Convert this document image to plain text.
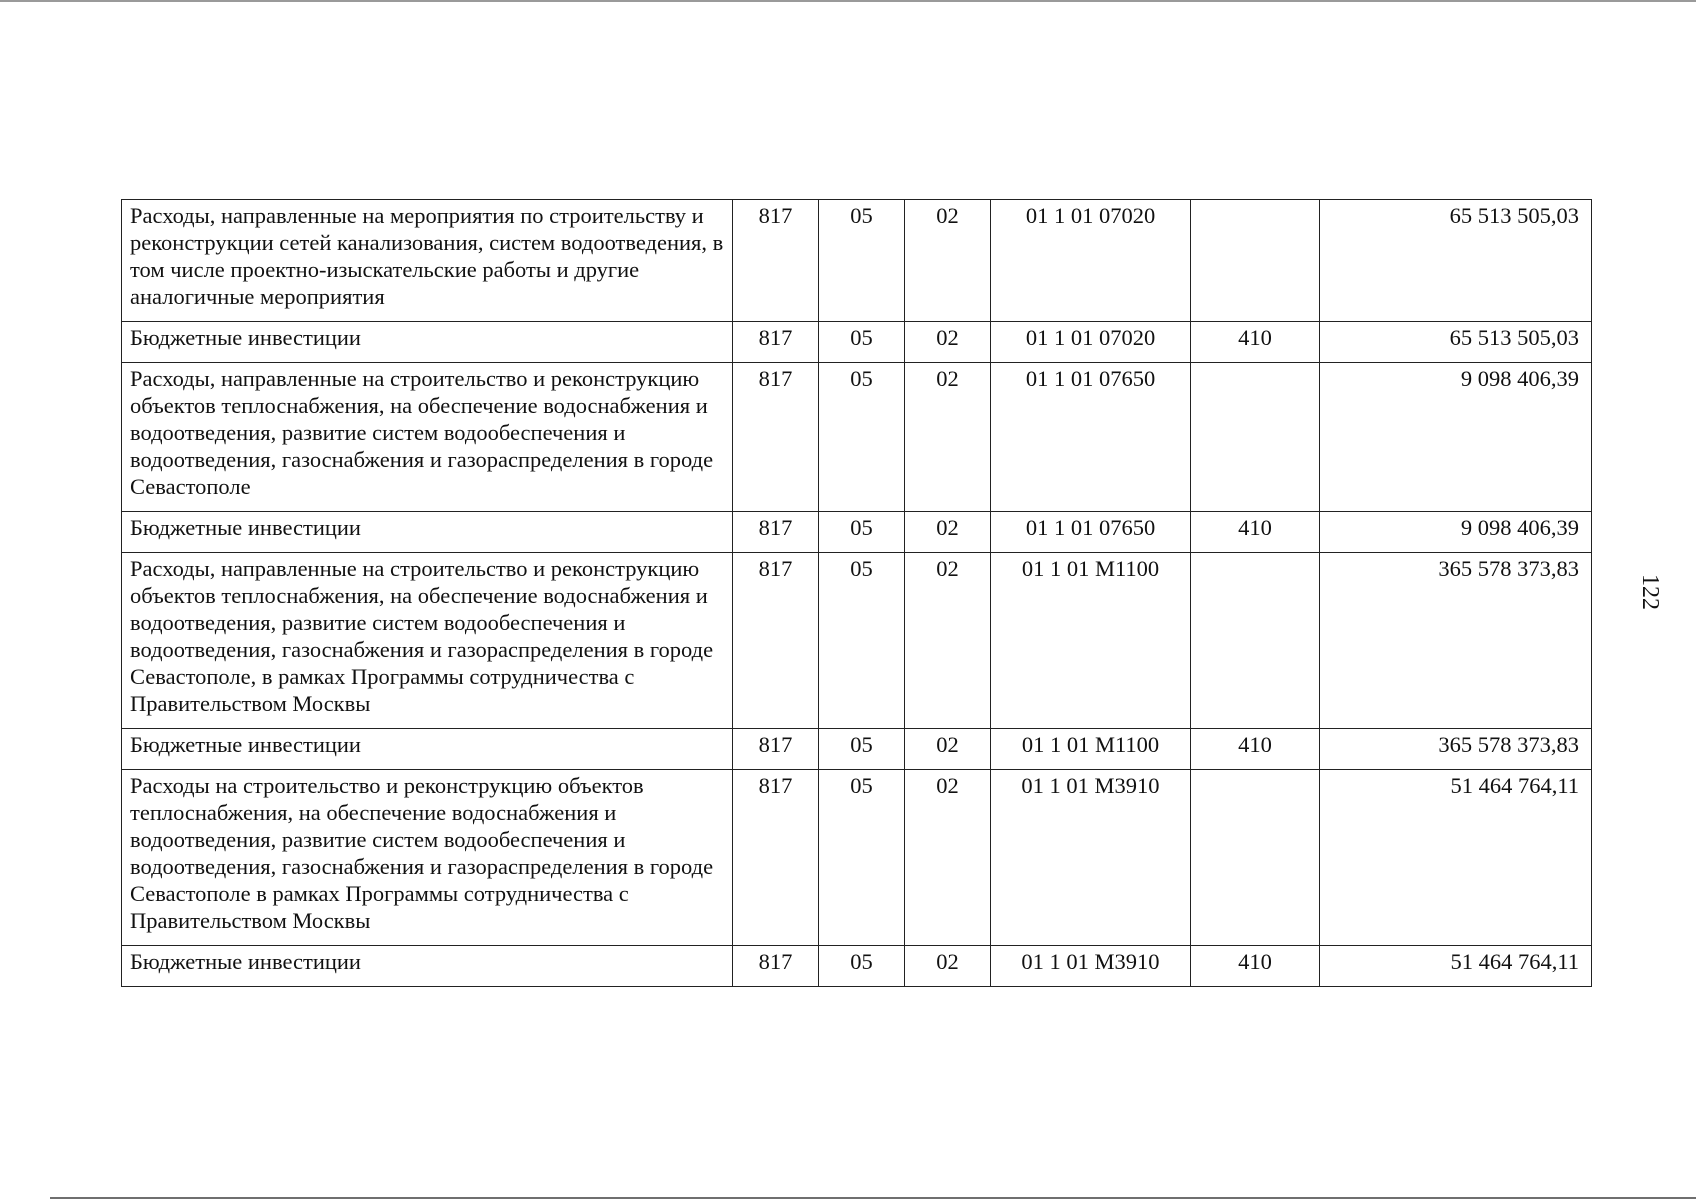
122
Расходы, направленные на мероприятия по строительству и реконструкции сетей канализования, систем водоотведения, в том числе проектно-изыскательские работы и другие аналогичные мероприятия	817	05	02	01 1 01 07020		65 513 505,03
Бюджетные инвестиции	817	05	02	01 1 01 07020	410	65 513 505,03
Расходы, направленные на строительство и реконструкцию объектов теплоснабжения, на обеспечение водоснабжения и водоотведения, развитие систем водообеспечения и водоотведения, газоснабжения и газораспределения в городе Севастополе	817	05	02	01 1 01 07650		9 098 406,39
Бюджетные инвестиции	817	05	02	01 1 01 07650	410	9 098 406,39
Расходы, направленные на строительство и реконструкцию объектов теплоснабжения, на обеспечение водоснабжения и водоотведения, развитие систем водообеспечения и водоотведения, газоснабжения и газораспределения в городе Севастополе, в рамках Программы сотрудничества с Правительством Москвы	817	05	02	01 1 01 M1100		365 578 373,83
Бюджетные инвестиции	817	05	02	01 1 01 M1100	410	365 578 373,83
Расходы на строительство и реконструкцию объектов теплоснабжения, на обеспечение водоснабжения и водоотведения, развитие систем водообеспечения и водоотведения, газоснабжения и газораспределения в городе Севастополе в рамках Программы сотрудничества с Правительством Москвы	817	05	02	01 1 01 M3910		51 464 764,11
Бюджетные инвестиции	817	05	02	01 1 01 M3910	410	51 464 764,11
